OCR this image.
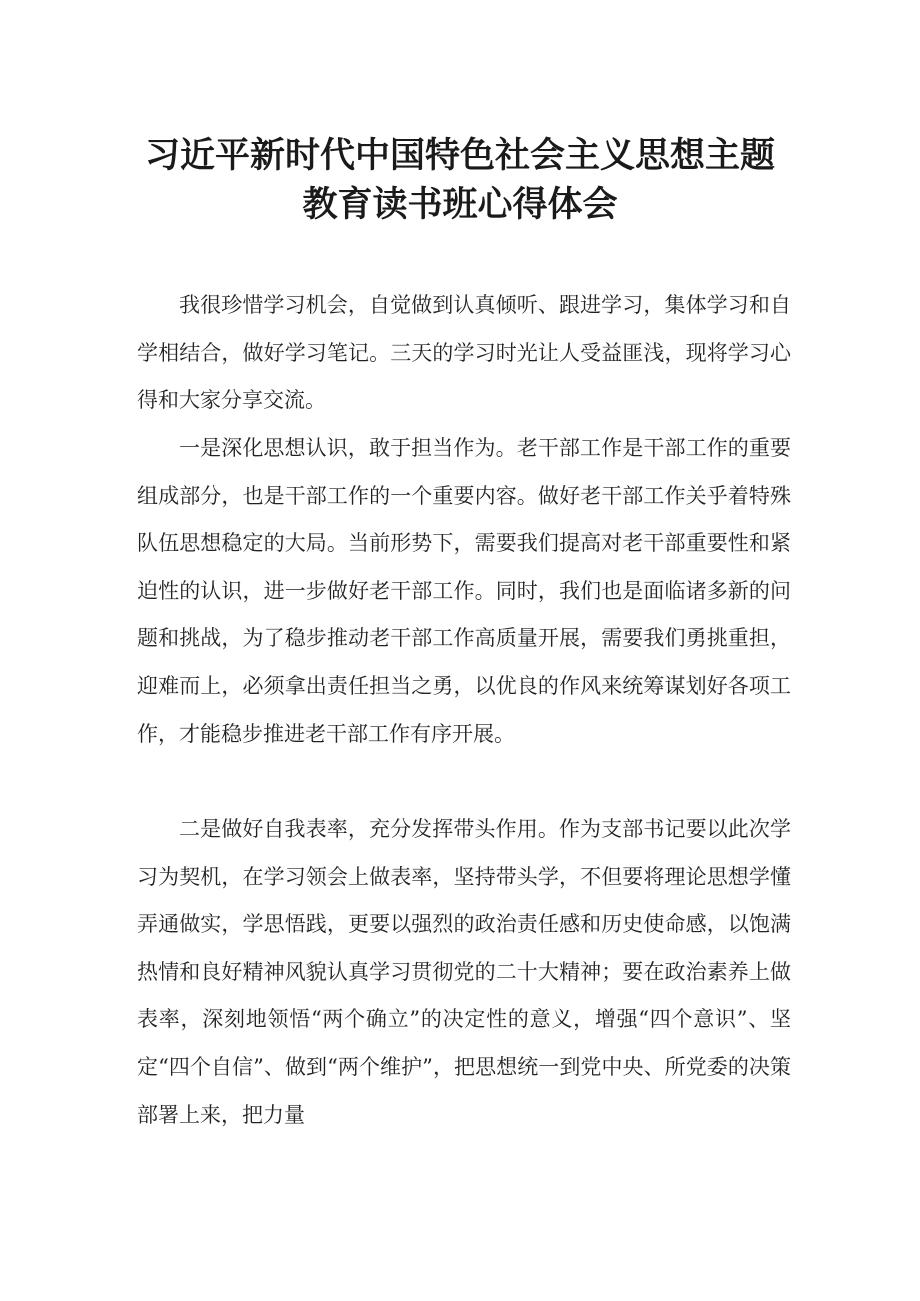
习近平新时代中国特色社会主义思想主题
教育读书班心得体会

我很珍惜学习机会，自觉做到认真倾听、跟进学习，集体学习和自学相结合，做好学习笔记。三天的学习时光让人受益匪浅，现将学习心得和大家分享交流。

一是深化思想认识，敢于担当作为。老干部工作是干部工作的重要组成部分，也是干部工作的一个重要内容。做好老干部工作关乎着特殊队伍思想稳定的大局。当前形势下，需要我们提高对老干部重要性和紧迫性的认识，进一步做好老干部工作。同时，我们也是面临诸多新的问题和挑战，为了稳步推动老干部工作高质量开展，需要我们勇挑重担，迎难而上，必须拿出责任担当之勇，以优良的作风来统筹谋划好各项工作，才能稳步推进老干部工作有序开展。

二是做好自我表率，充分发挥带头作用。作为支部书记要以此次学习为契机，在学习领会上做表率，坚持带头学，不但要将理论思想学懂弄通做实，学思悟践，更要以强烈的政治责任感和历史使命感，以饱满热情和良好精神风貌认真学习贯彻党的二十大精神；要在政治素养上做表率，深刻地领悟“两个确立”的决定性的意义，增强“四个意识”、坚定“四个自信”、做到“两个维护”，把思想统一到党中央、所党委的决策部署上来，把力量
